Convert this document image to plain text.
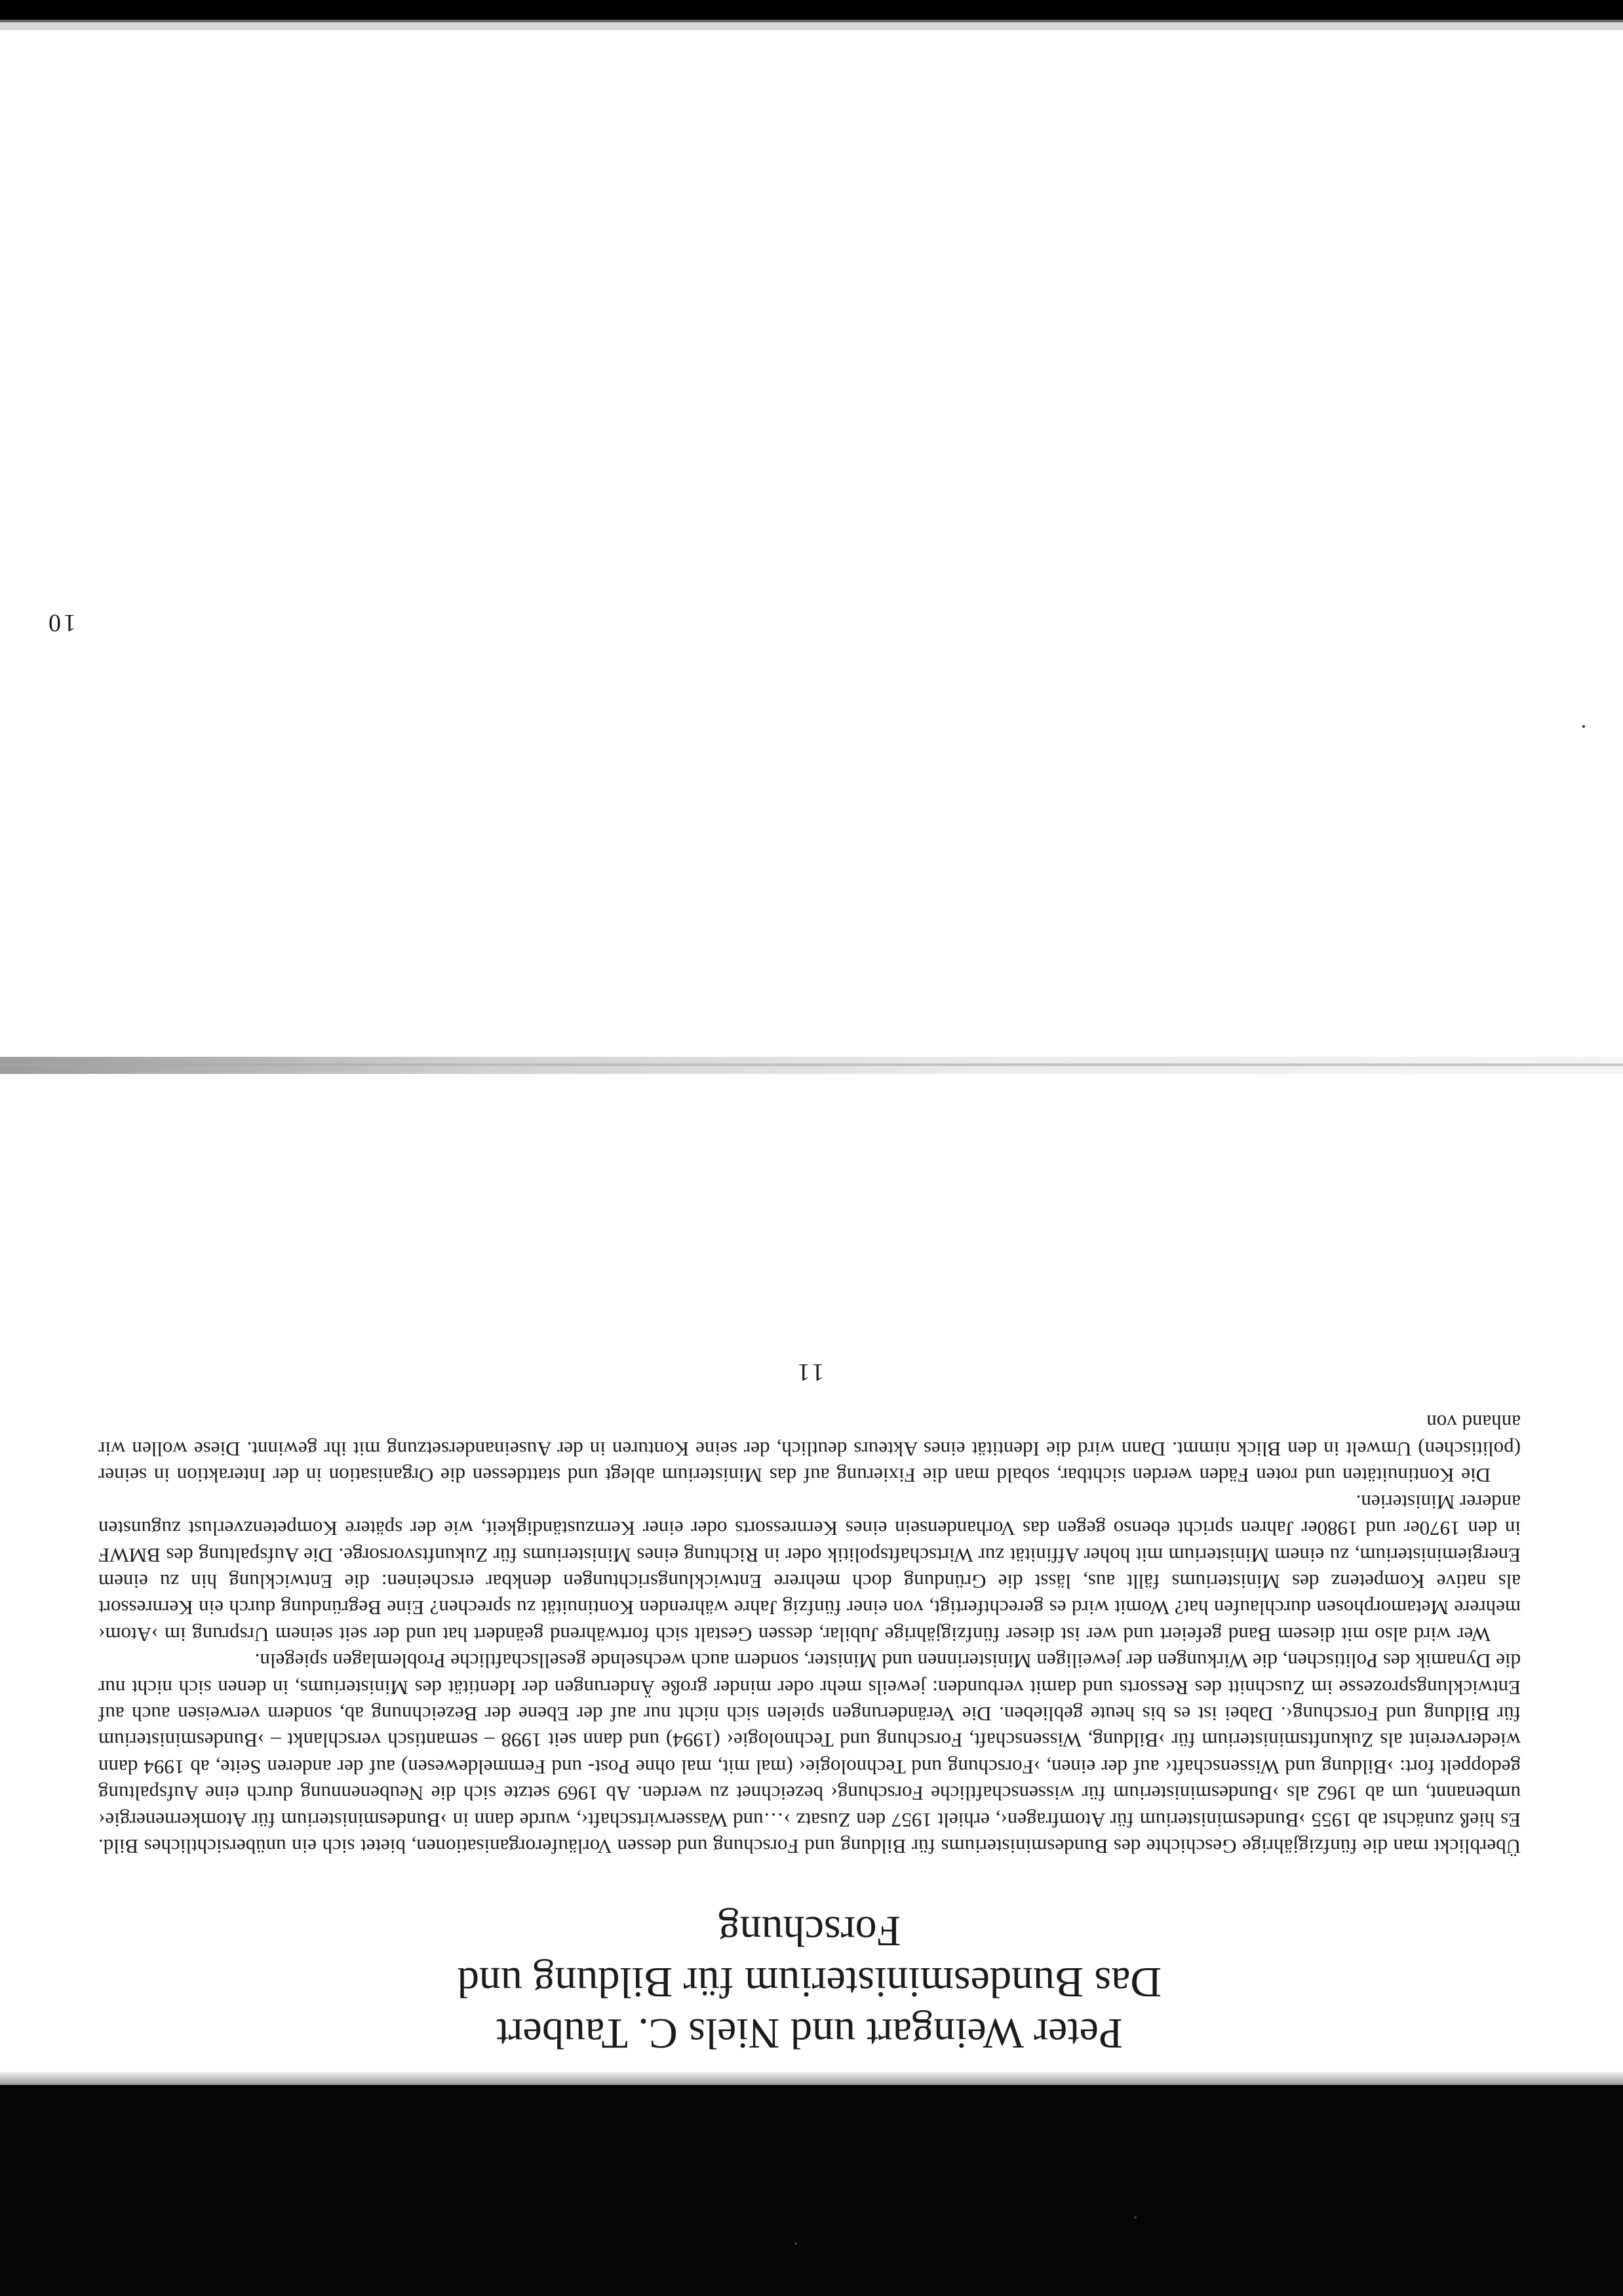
10
Peter Weingart und Niels C. Taubert
Das Bundesministerium für Bildung und
Forschung

Überblickt man die fünfzigjährige Geschichte des Bundesministeriums für Bildung und Forschung und dessen Vorläuferorganisationen, bietet sich ein unübersichtliches Bild. Es hieß zunächst ab 1955 ›Bundesministerium für Atomfragen‹, erhielt 1957 den Zusatz ›…und Wasserwirtschaft‹, wurde dann in ›Bundesministerium für Atomkernenergie‹ umbenannt, um ab 1962 als ›Bundesministerium für wissenschaftliche Forschung‹ bezeichnet zu werden. Ab 1969 setzte sich die Neubenennung durch eine Aufspaltung gedoppelt fort: ›Bildung und Wissenschaft‹ auf der einen, ›Forschung und Technologie‹ (mal mit, mal ohne Post- und Fernmeldewesen) auf der anderen Seite, ab 1994 dann wiedervereint als Zukunftsministerium für ›Bildung, Wissenschaft, Forschung und Technologie‹ (1994) und dann seit 1998 – semantisch verschlankt – ›Bundesministerium für Bildung und Forschung‹. Dabei ist es bis heute geblieben. Die Veränderungen spielen sich nicht nur auf der Ebene der Bezeichnung ab, sondern verweisen auch auf Entwicklungsprozesse im Zuschnitt des Ressorts und damit verbunden: jeweils mehr oder minder große Änderungen der Identität des Ministeriums, in denen sich nicht nur die Dynamik des Politischen, die Wirkungen der jeweiligen Ministerinnen und Minister, sondern auch wechselnde gesellschaftliche Problemlagen spiegeln.

Wer wird also mit diesem Band gefeiert und wer ist dieser fünfzigjährige Jubilar, dessen Gestalt sich fortwährend geändert hat und der seit seinem Ursprung im ›Atom‹ mehrere Metamorphosen durchlaufen hat? Womit wird es gerechtfertigt, von einer fünfzig Jahre währenden Kontinuität zu sprechen? Eine Begründung durch ein Kernressort als native Kompetenz des Ministeriums fällt aus, lässt die Gründung doch mehrere Entwicklungsrichtungen denkbar erscheinen: die Entwicklung hin zu einem Energieministerium, zu einem Ministerium mit hoher Affinität zur Wirtschaftspolitik oder in Richtung eines Ministeriums für Zukunftsvorsorge. Die Aufspaltung des BMWF in den 1970er und 1980er Jahren spricht ebenso gegen das Vorhandensein eines Kernressorts oder einer Kernzuständigkeit, wie der spätere Kompetenzverlust zugunsten anderer Ministerien.

Die Kontinuitäten und roten Fäden werden sichtbar, sobald man die Fixierung auf das Ministerium ablegt und stattdessen die Organisation in der Interaktion in seiner (politischen) Umwelt in den Blick nimmt. Dann wird die Identität eines Akteurs deutlich, der seine Konturen in der Auseinandersetzung mit ihr gewinnt. Diese wollen wir anhand von

11
